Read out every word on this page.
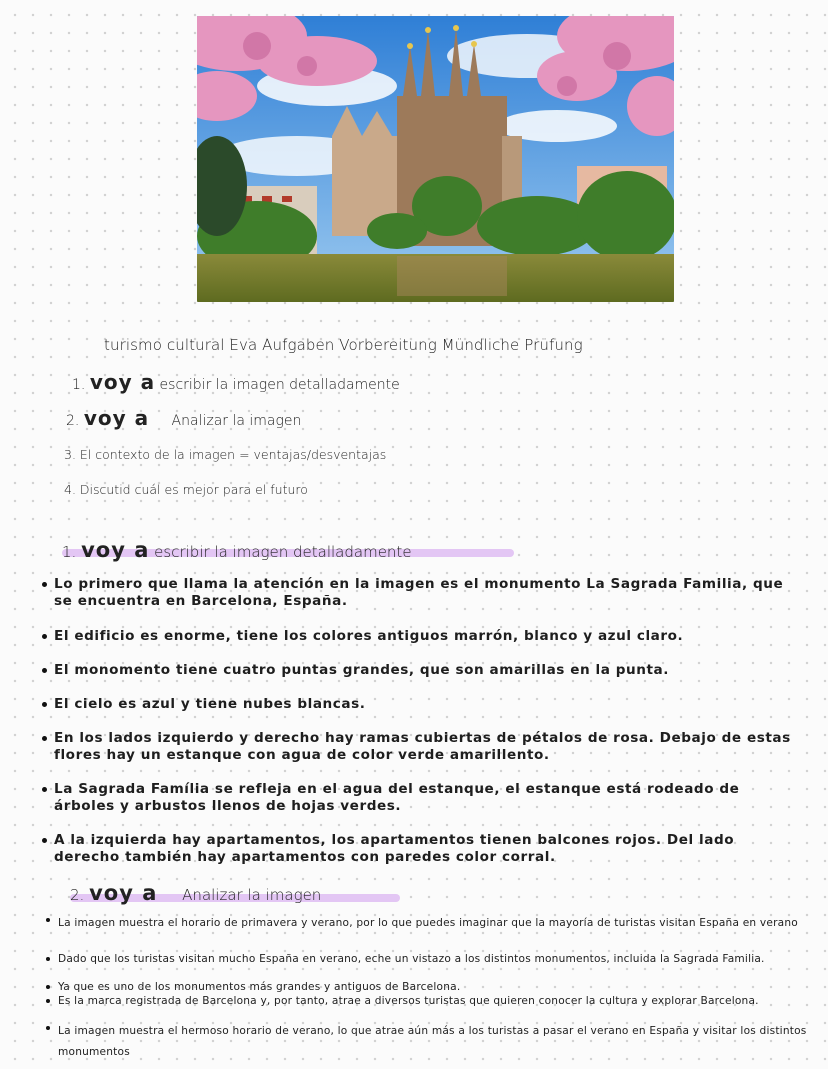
turismo cultural Eva Aufgaben Vorbereitung Mündliche Prüfung
1. voy a escribir la imagen detalladamente
2. voy a Analizar la imagen
3. El contexto de la imagen = ventajas/desventajas
4. Discutid cuál es mejor para el futuro
1. voy a escribir la imagen detalladamente
Lo primero que llama la atención en la imagen es el monumento La Sagrada Familia, que se encuentra en Barcelona, España.
El edificio es enorme, tiene los colores antiguos marrón, blanco y azul claro.
El monomento tiene cuatro puntas grandes, que son amarillas en la punta.
El cielo es azul y tiene nubes blancas.
En los lados izquierdo y derecho hay ramas cubiertas de pétalos de rosa. Debajo de estas flores hay un estanque con agua de color verde amarillento.
La Sagrada Família se refleja en el agua del estanque, el estanque está rodeado de árboles y arbustos llenos de hojas verdes.
A la izquierda hay apartamentos, los apartamentos tienen balcones rojos. Del lado derecho también hay apartamentos con paredes color corral.
2. voy a Analizar la imagen
La imagen muestra el horario de primavera y verano, por lo que puedes imaginar que la mayoría de turistas visitan España en verano
Dado que los turistas visitan mucho España en verano, eche un vistazo a los distintos monumentos, incluida la Sagrada Familia.
Ya que es uno de los monumentos más grandes y antiguos de Barcelona.
Es la marca registrada de Barcelona y, por tanto, atrae a diversos turistas que quieren conocer la cultura y explorar Barcelona.
La imagen muestra el hermoso horario de verano, lo que atrae aún más a los turistas a pasar el verano en España y visitar los distintos monumentos
